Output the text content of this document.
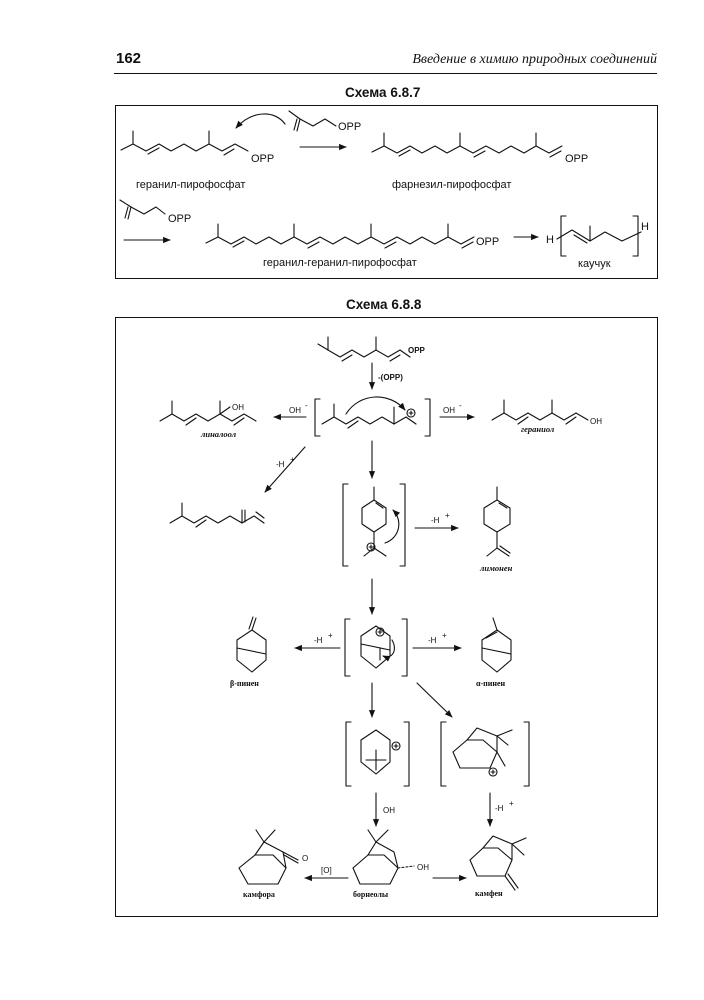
162	Введение в химию природных соединений
Схема 6.8.7
Схема 6.8.8
OPP
OPP
OPP
OPP
OPP
геранил-пирофосфат	фарнезил-пирофосфат
геранил-геранил-пирофосфат	каучук
H
H
OPP
-(OPP)
OH
-
OH
-
OH
линалоол
OH
гераниол
-H
+
-H
+
лимонен
-H
+
-H
+
β-пинен	α-пинен
OH	-H
+
O
OH
[O]
камфора	борнеолы	камфен
